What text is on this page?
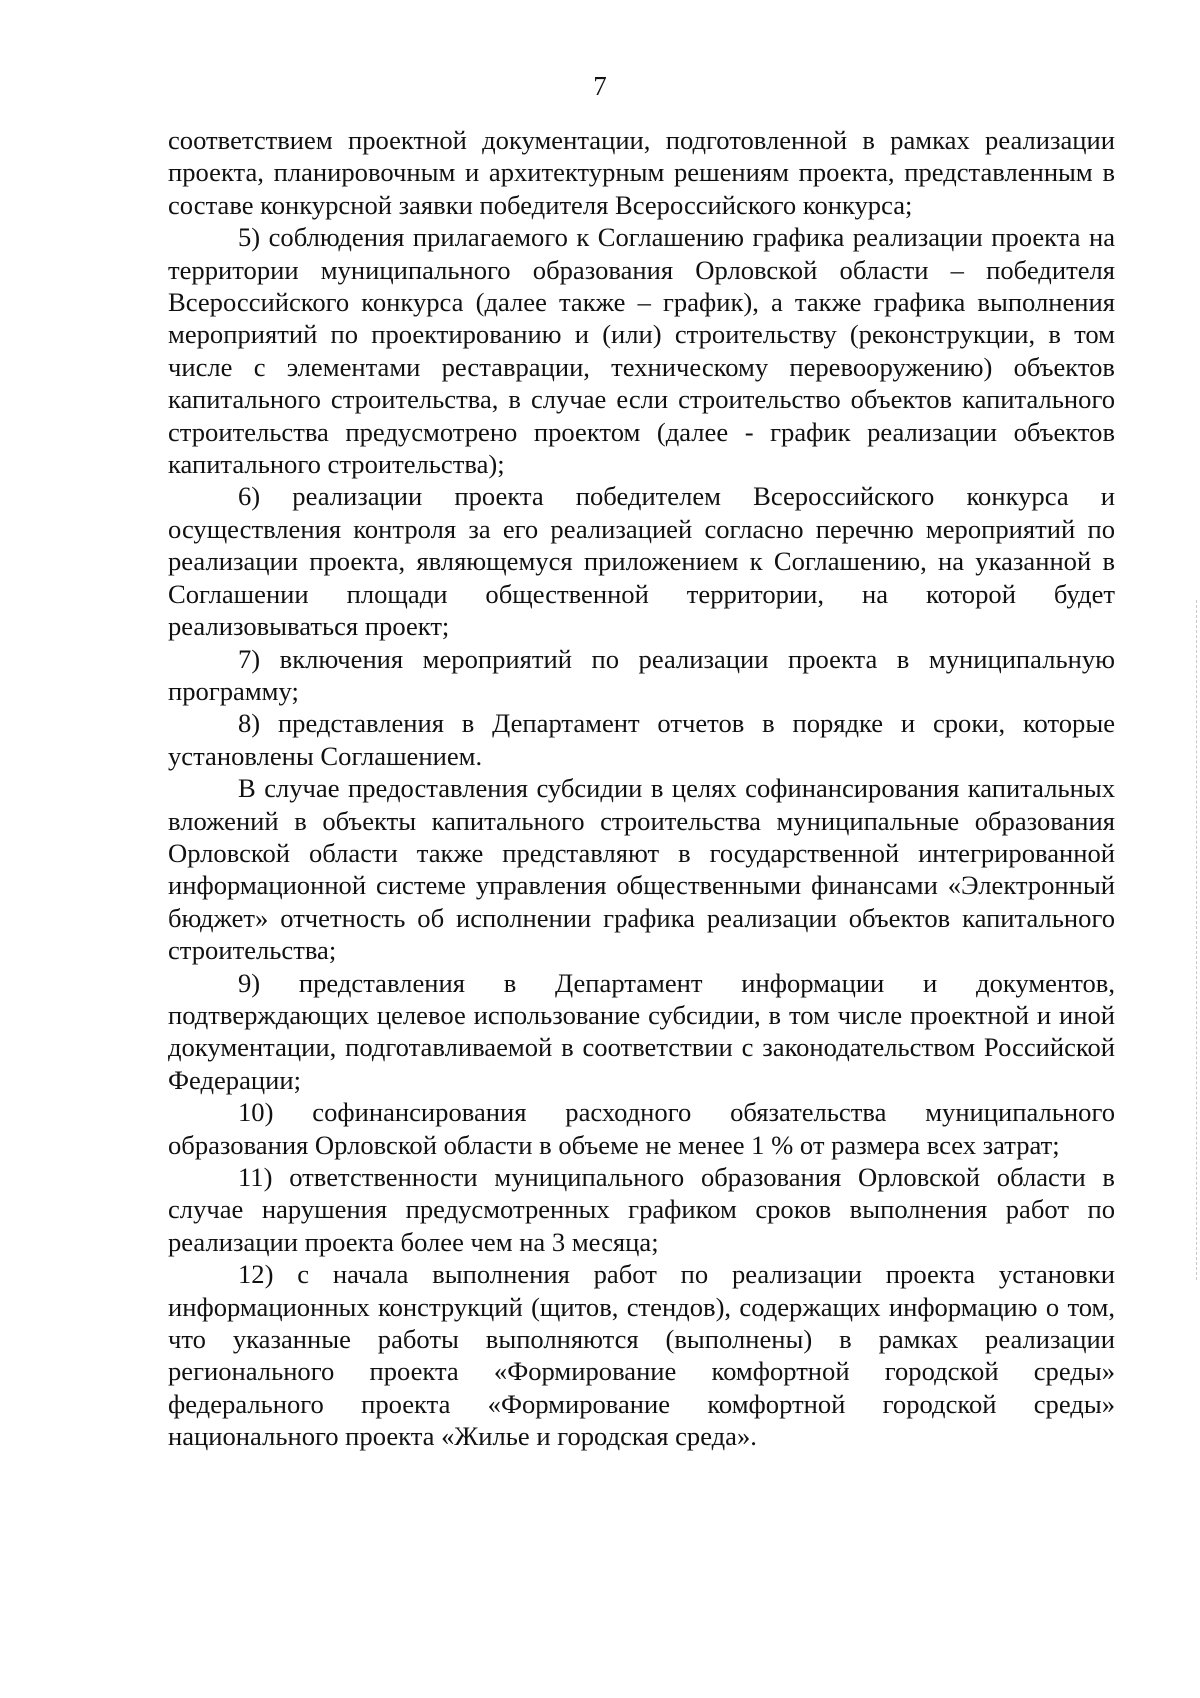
7

соответствием проектной документации, подготовленной в рамках реализации проекта, планировочным и архитектурным решениям проекта, представленным в составе конкурсной заявки победителя Всероссийского конкурса;

5) соблюдения прилагаемого к Соглашению графика реализации проекта на территории муниципального образования Орловской области – победителя Всероссийского конкурса (далее также – график), а также графика выполнения мероприятий по проектированию и (или) строительству (реконструкции, в том числе с элементами реставрации, техническому перевооружению) объектов капитального строительства, в случае если строительство объектов капитального строительства предусмотрено проектом (далее - график реализации объектов капитального строительства);

6) реализации проекта победителем Всероссийского конкурса и осуществления контроля за его реализацией согласно перечню мероприятий по реализации проекта, являющемуся приложением к Соглашению, на указанной в Соглашении площади общественной территории, на которой будет реализовываться проект;

7) включения мероприятий по реализации проекта в муниципальную программу;

8) представления в Департамент отчетов в порядке и сроки, которые установлены Соглашением.

В случае предоставления субсидии в целях софинансирования капитальных вложений в объекты капитального строительства муниципальные образования Орловской области также представляют в государственной интегрированной информационной системе управления общественными финансами «Электронный бюджет» отчетность об исполнении графика реализации объектов капитального строительства;

9) представления в Департамент информации и документов, подтверждающих целевое использование субсидии, в том числе проектной и иной документации, подготавливаемой в соответствии с законодательством Российской Федерации;

10) софинансирования расходного обязательства муниципального образования Орловской области в объеме не менее 1 % от размера всех затрат;

11) ответственности муниципального образования Орловской области в случае нарушения предусмотренных графиком сроков выполнения работ по реализации проекта более чем на 3 месяца;

12) с начала выполнения работ по реализации проекта установки информационных конструкций (щитов, стендов), содержащих информацию о том, что указанные работы выполняются (выполнены) в рамках реализации регионального проекта «Формирование комфортной городской среды» федерального проекта «Формирование комфортной городской среды» национального проекта «Жилье и городская среда».
